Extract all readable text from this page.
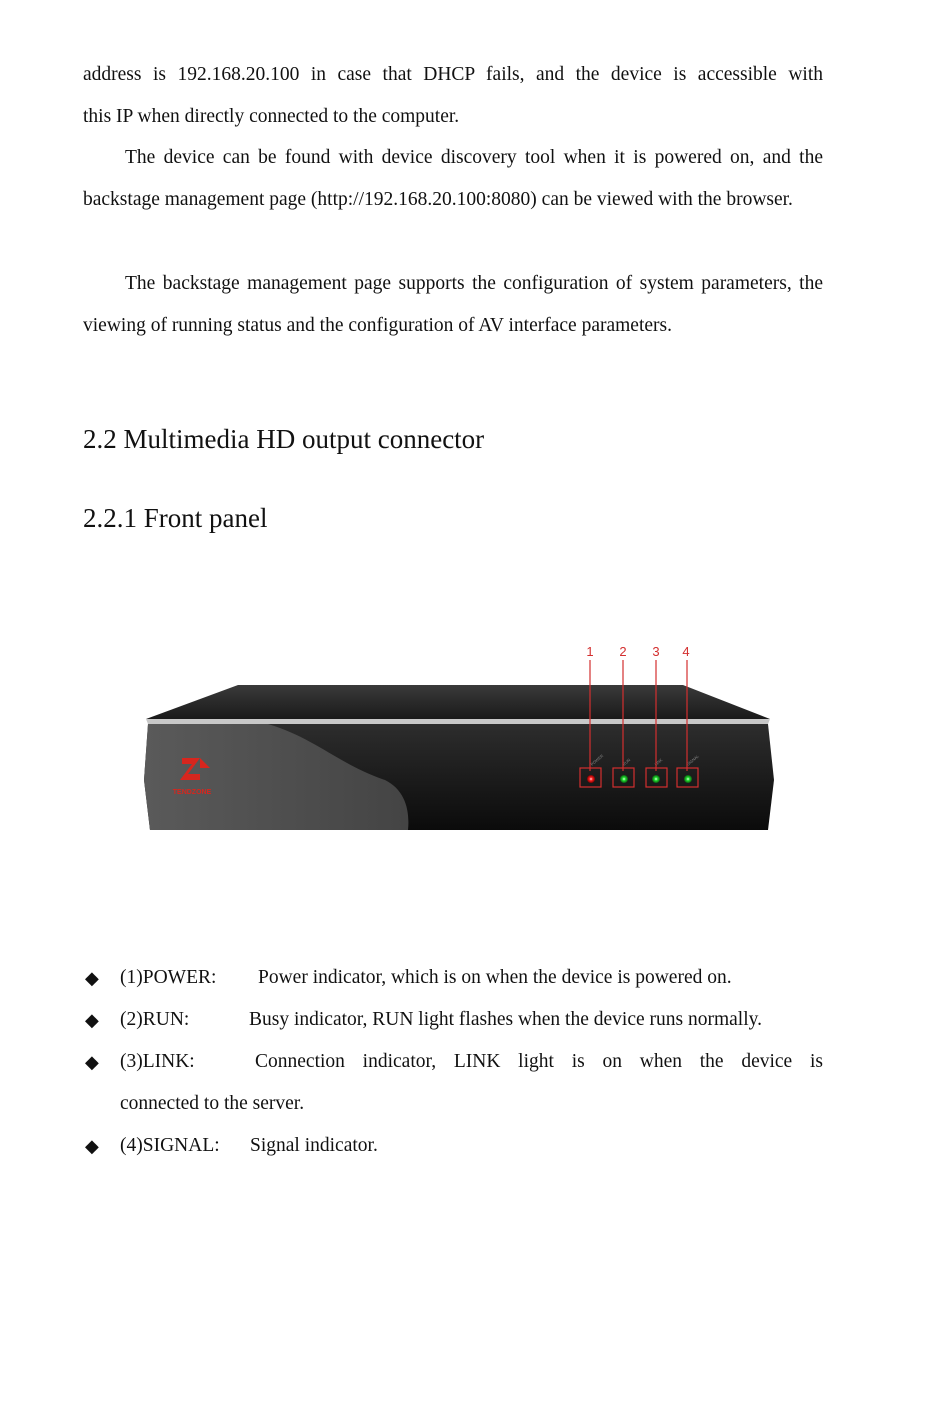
address is 192.168.20.100 in case that DHCP fails, and the device is accessible with
this IP when directly connected to the computer.
The device can be found with device discovery tool when it is powered on, and the backstage management page (http://192.168.20.100:8080) can be viewed with the browser.
The backstage management page supports the configuration of system parameters, the viewing of running status and the configuration of AV interface parameters.
2.2 Multimedia HD output connector
2.2.1 Front panel
TENDZONE
POWER	RUN	LINK	SIGNAL
1 2 3 4
◆ (1)POWER: Power indicator, which is on when the device is powered on.
◆ (2)RUN:	Busy indicator, RUN light flashes when the device runs normally.
◆ (3)LINK:	Connection indicator, LINK light is on when the device is
connected to the server.
◆ (4)SIGNAL: Signal indicator.
